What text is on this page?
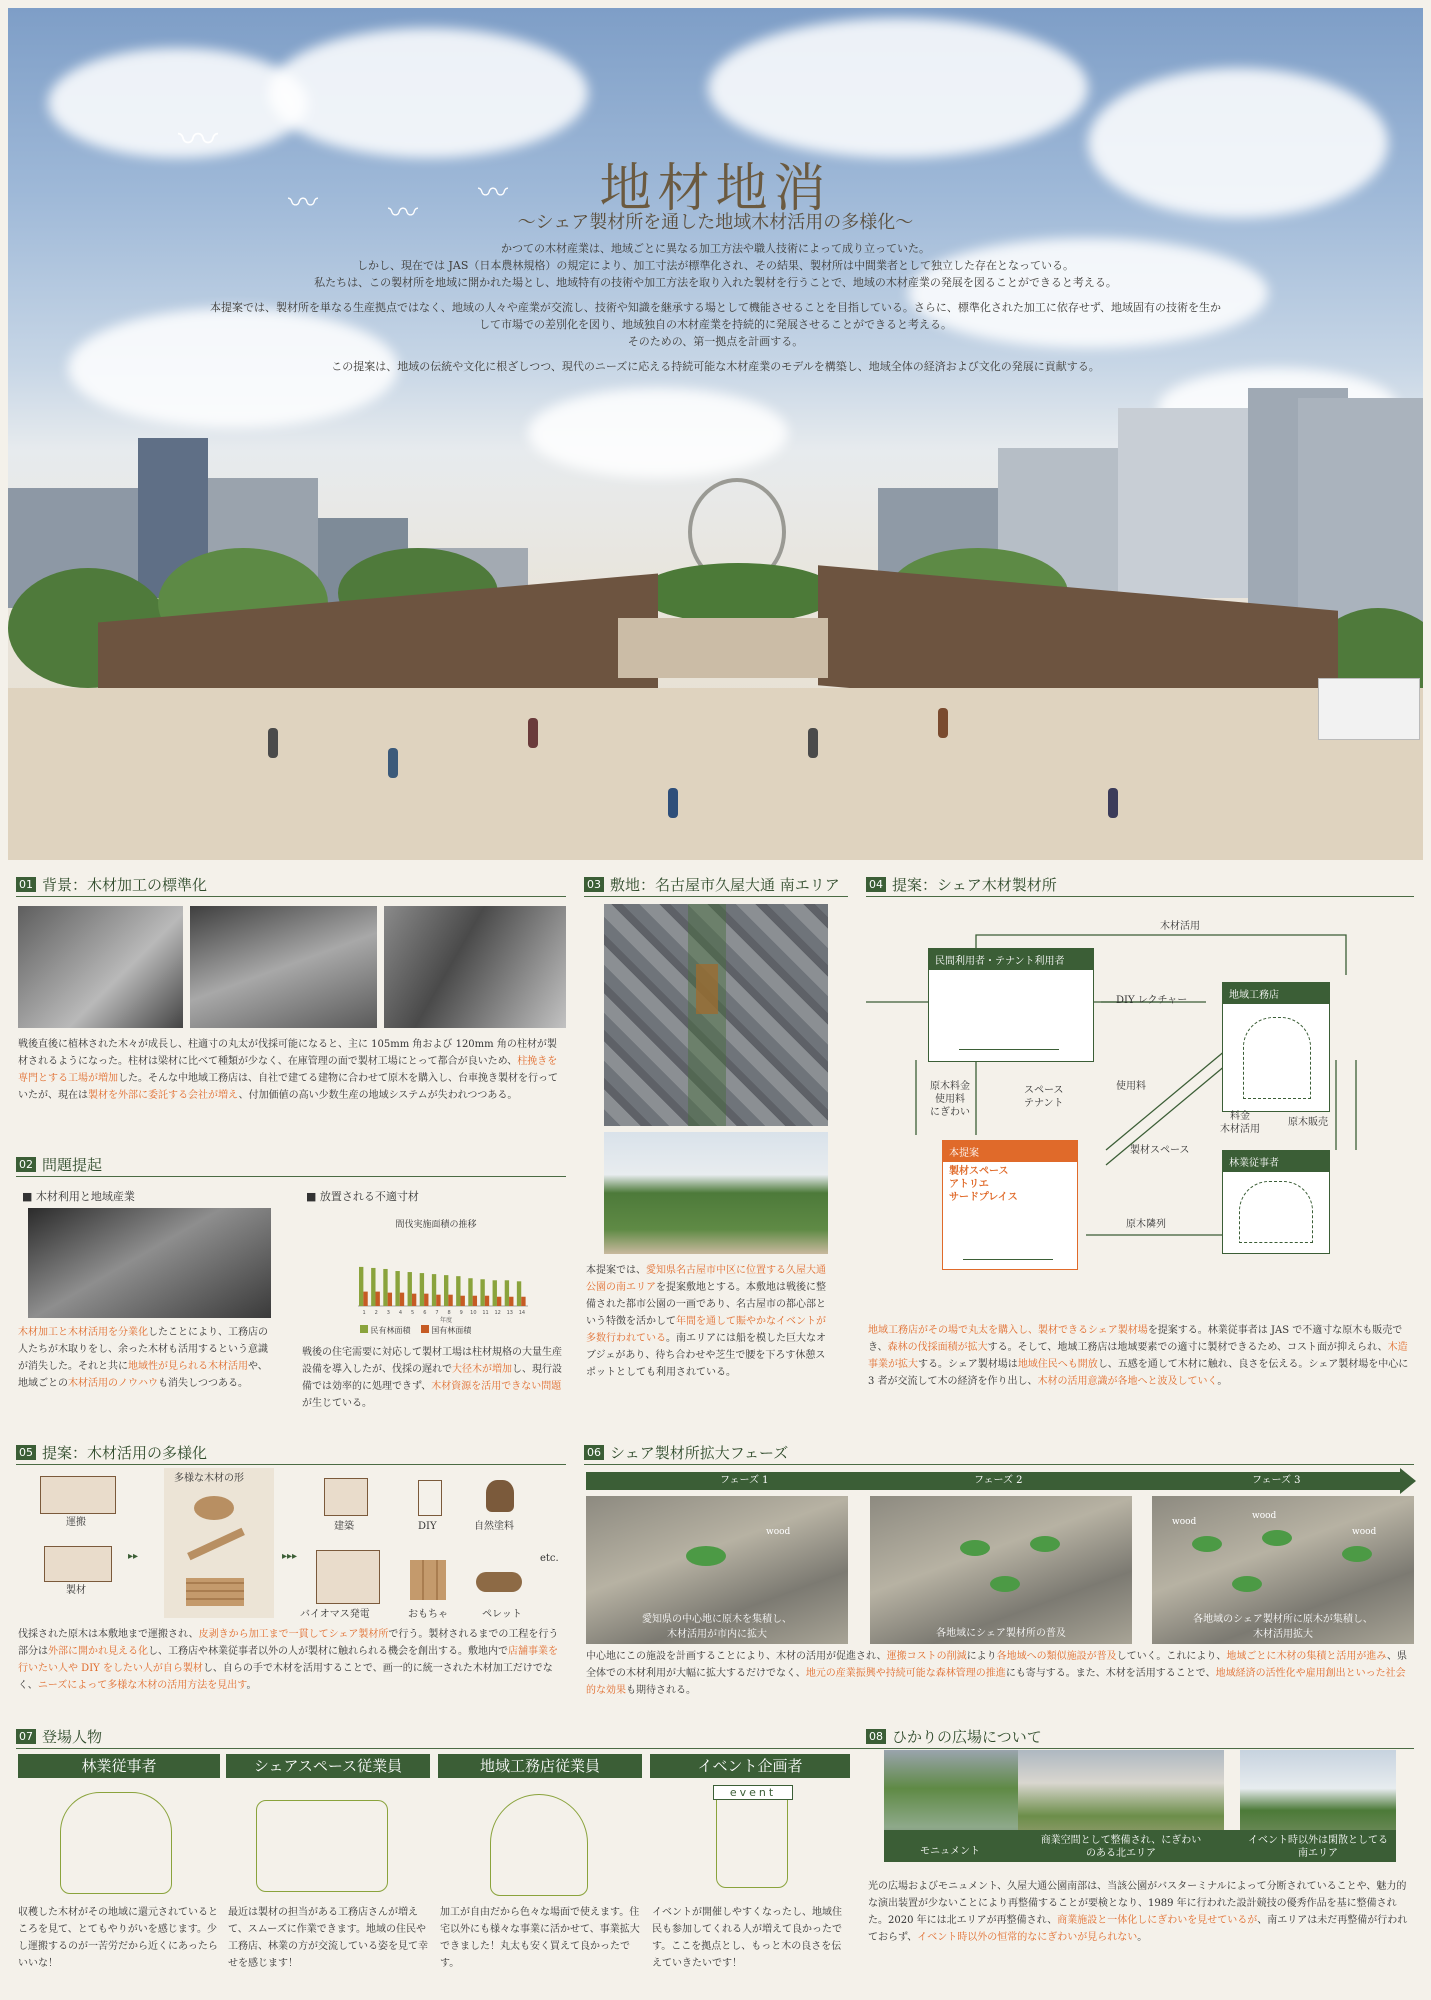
〰
〰 〰
〰	地材地消
〜シェア製材所を通した地域木材活用の多様化〜

かつての木材産業は、地域ごとに異なる加工方法や職人技術によって成り立っていた。

しかし、現在では JAS（日本農林規格）の規定により、加工寸法が標準化され、その結果、製材所は中間業者として独立した存在となっている。

私たちは、この製材所を地域に開かれた場とし、地域特有の技術や加工方法を取り入れた製材を行うことで、地域の木材産業の発展を図ることができると考える。

本提案では、製材所を単なる生産拠点ではなく、地域の人々や産業が交流し、技術や知識を継承する場として機能させることを目指している。さらに、標準化された加工に依存せず、地域固有の技術を生か

して市場での差別化を図り、地域独自の木材産業を持続的に発展させることができると考える。

そのための、第一拠点を計画する。

この提案は、地域の伝統や文化に根ざしつつ、現代のニーズに応える持続可能な木材産業のモデルを構築し、地域全体の経済および文化の発展に貢献する。

01 背景：木材加工の標準化

戦後直後に植林された木々が成長し、柱適寸の丸太が伐採可能になると、主に 105mm 角および 120mm 角の柱材が製材されるようになった。柱材は梁材に比べて種類が少なく、在庫管理の面で製材工場にとって都合が良いため、柱挽きを専門とする工場が増加した。そんな中地域工務店は、自社で建てる建物に合わせて原木を購入し、台車挽き製材を行っていたが、現在は製材を外部に委託する会社が増え、付加価値の高い少数生産の地域システムが失われつつある。

02 問題提起
■ 木材利用と地域産業	■ 放置される不適寸材
間伐実施面積の推移
年度
1 2 3 4 5 6 7 8 9 10 11 12 13 14
民有林面積	国有林面積

木材加工と木材活用を分業化したことにより、工務店の人たちが木取りをし、余った木材も活用するという意識が消失した。それと共に地域性が見られる木材活用や、地域ごとの木材活用のノウハウも消失しつつある。

戦後の住宅需要に対応して製材工場は柱材規格の大量生産設備を導入したが、伐採の遅れで大径木が増加し、現行設備では効率的に処理できず、木材資源を活用できない問題が生じている。

03 敷地：名古屋市久屋大通 南エリア

本提案では、愛知県名古屋市中区に位置する久屋大通公園の南エリアを提案敷地とする。本敷地は戦後に整備された都市公園の一画であり、名古屋市の都心部という特徴を活かして年間を通して賑やかなイベントが多数行われている。南エリアには船を模した巨大なオブジェがあり、待ち合わせや芝生で腰を下ろす休憩スポットとしても利用されている。

04 提案：シェア木材製材所
民間利用者・テナント利用者
地域工務店
本提案
製材スペース
アトリエ
サードプレイス
林業従事者
木材活用
DIY レクチャー
使用料
製材スペース
原木隣列
原木販売
原木料金
使用料
にぎわい
スペース
テナント
料金
木材活用

地域工務店がその場で丸太を購入し、製材できるシェア製材場を提案する。林業従事者は JAS で不適寸な原木も販売でき、森林の伐採面積が拡大する。そして、地域工務店は地域要素での適寸に製材できるため、コスト面が抑えられ、木造事業が拡大する。シェア製材場は地域住民へも開放し、五感を通して木材に触れ、良さを伝える。シェア製材場を中心に 3 者が交流して木の経済を作り出し、木材の活用意識が各地へと波及していく。

05 提案：木材活用の多様化
運搬
製材
▸▸
多様な木材の形
▸▸▸
建築	DIY	自然塗料
バイオマス発電	おもちゃ	ペレット
etc.

伐採された原木は本敷地まで運搬され、皮剥きから加工まで一貫してシェア製材所で行う。製材されるまでの工程を行う部分は外部に開かれ見える化し、工務店や林業従事者以外の人が製材に触れられる機会を創出する。敷地内で店舗事業を行いたい人や DIY をしたい人が自ら製材し、自らの手で木材を活用することで、画一的に統一された木材加工だけでなく、ニーズによって多様な木材の活用方法を見出す。

06 シェア製材所拡大フェーズ
フェーズ 1	フェーズ 2	フェーズ 3
wood
wood
wood
wood
愛知県の中心地に原木を集積し、
木材活用が市内に拡大	各地域にシェア製材所の普及
各地域のシェア製材所に原木が集積し、
木材活用拡大

中心地にこの施設を計画することにより、木材の活用が促進され、運搬コストの削減により各地域への類似施設が普及していく。これにより、地域ごとに木材の集積と活用が進み、県全体での木材利用が大幅に拡大するだけでなく、地元の産業振興や持続可能な森林管理の推進にも寄与する。また、木材を活用することで、地域経済の活性化や雇用創出といった社会的な効果も期待される。

07 登場人物
林業従事者	シェアスペース従業員	地域工務店従業員	イベント企画者
event

収穫した木材がその地域に還元されているところを見て、とてもやりがいを感じます。少し運搬するのが一苦労だから近くにあったらいいな！

最近は製材の担当がある工務店さんが増えて、スムーズに作業できます。地域の住民や工務店、林業の方が交流している姿を見て幸せを感じます！

加工が自由だから色々な場面で使えます。住宅以外にも様々な事業に活かせて、事業拡大できました！丸太も安く買えて良かったです。

イベントが開催しやすくなったし、地域住民も参加してくれる人が増えて良かったです。ここを拠点とし、もっと木の良さを伝えていきたいです！

08 ひかりの広場について
モニュメント
商業空間として整備され、にぎわいのある北エリア
イベント時以外は閑散としてる南エリア

光の広場およびモニュメント、久屋大通公園南部は、当該公園がバスターミナルによって分断されていることや、魅力的な演出装置が少ないことにより再整備することが要検となり、1989 年に行われた設計競技の優秀作品を基に整備された。2020 年には北エリアが再整備され、商業施設と一体化しにぎわいを見せているが、南エリアは未だ再整備が行われておらず、イベント時以外の恒常的なにぎわいが見られない。
